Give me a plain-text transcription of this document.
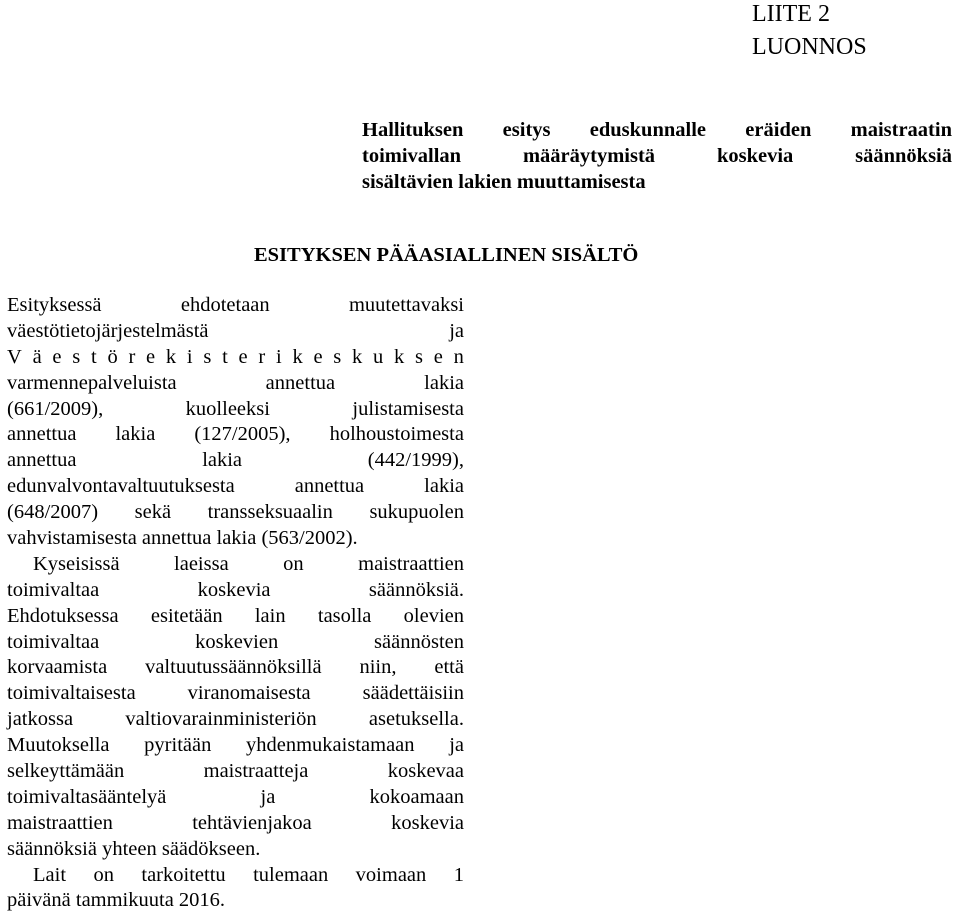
LIITE 2
LUONNOS
Hallituksen esitys eduskunnalle eräiden maistraatin
toimivallan	määräytymistä	koskevia	säännöksiä
sisältävien lakien muuttamisesta
ESITYKSEN PÄÄASIALLINEN SISÄLTÖ
Esityksessä	ehdotetaan	muutettavaksi
väestötietojärjestelmästä	ja
V ä e s t ö r e k i s t e r i k e s k u k s e n
varmennepalveluista	annettua	lakia
(661/2009),	kuolleeksi	julistamisesta
annettua lakia (127/2005), holhoustoimesta
annettua	lakia	(442/1999),
edunvalvontavaltuutuksesta	annettua	lakia
(648/2007) sekä transseksuaalin sukupuolen
vahvistamisesta annettua lakia (563/2002).
Kyseisissä	laeissa	on	maistraattien
toimivaltaa	koskevia	säännöksiä.
Ehdotuksessa esitetään lain tasolla olevien
toimivaltaa	koskevien	säännösten
korvaamista valtuutussäännöksillä niin, että
toimivaltaisesta	viranomaisesta	säädettäisiin
jatkossa	valtiovarainministeriön	asetuksella.
Muutoksella pyritään yhdenmukaistamaan ja
selkeyttämään	maistraatteja	koskevaa
toimivaltasääntelyä	ja	kokoamaan
maistraattien	tehtävienjakoa	koskevia
säännöksiä yhteen säädökseen.
Lait on tarkoitettu tulemaan voimaan 1
päivänä tammikuuta 2016.
